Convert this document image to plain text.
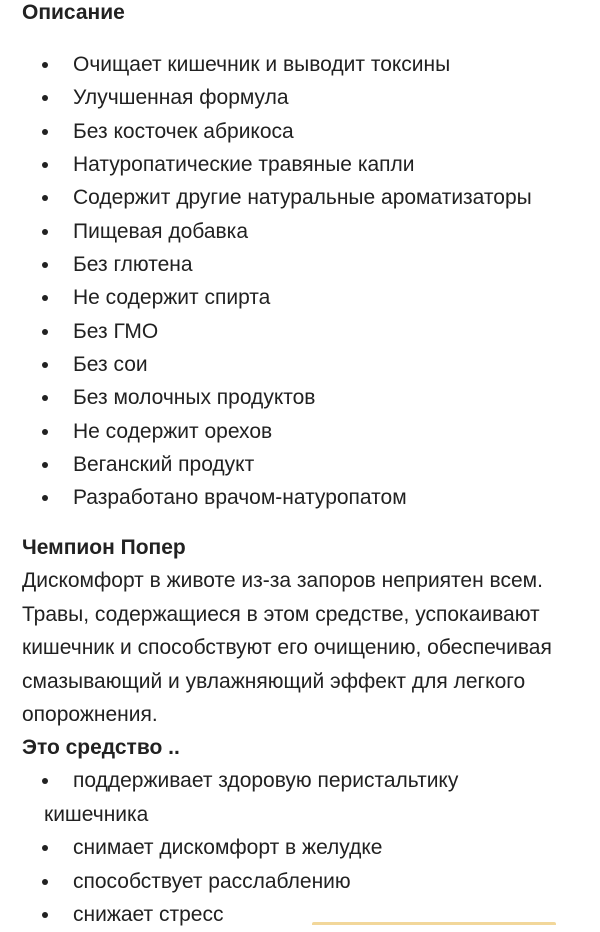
Описание
Очищает кишечник и выводит токсины
Улучшенная формула
Без косточек абрикоса
Натуропатические травяные капли
Содержит другие натуральные ароматизаторы
Пищевая добавка
Без глютена
Не содержит спирта
Без ГМО
Без сои
Без молочных продуктов
Не содержит орехов
Веганский продукт
Разработано врачом-натуропатом
Чемпион Попер

Дискомфорт в животе из-за запоров неприятен всем. Травы, содержащиеся в этом средстве, успокаивают кишечник и способствуют его очищению, обеспечивая смазывающий и увлажняющий эффект для легкого опорожнения.

Это средство ..
поддерживает здоровую перистальтику кишечника
снимает дискомфорт в желудке
способствует расслаблению
снижает стресс
